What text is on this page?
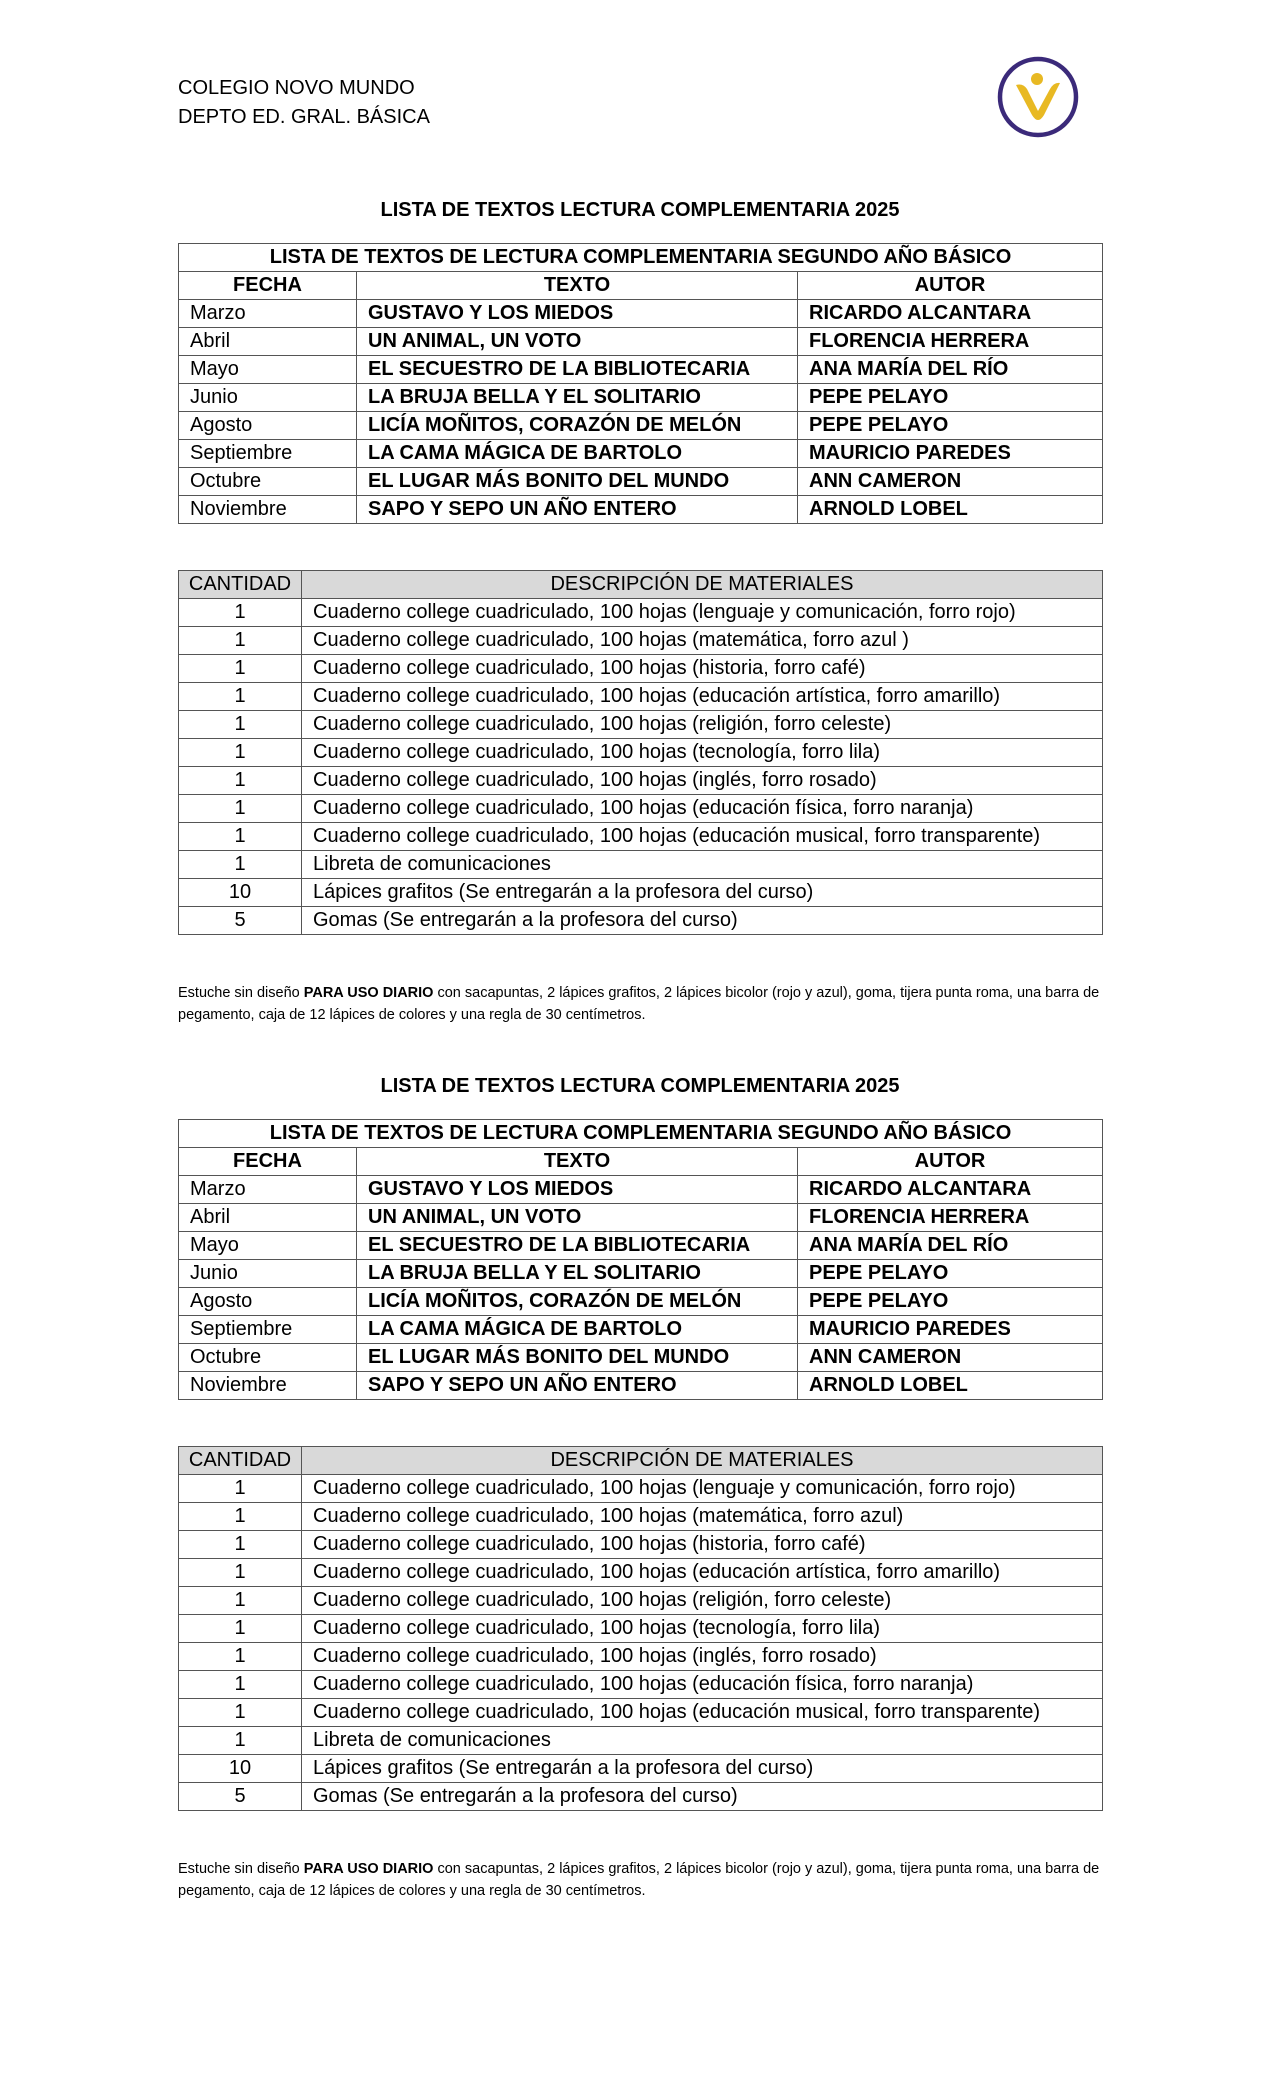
COLEGIO NOVO MUNDO
DEPTO ED. GRAL. BÁSICA
LISTA DE TEXTOS LECTURA COMPLEMENTARIA 2025
LISTA DE TEXTOS DE LECTURA COMPLEMENTARIA SEGUNDO AÑO BÁSICO		
FECHA	TEXTO	AUTOR
Marzo	GUSTAVO Y LOS MIEDOS	RICARDO ALCANTARA
Abril	UN ANIMAL, UN VOTO	FLORENCIA HERRERA
Mayo	EL SECUESTRO DE LA BIBLIOTECARIA	ANA MARÍA DEL RÍO
Junio	LA BRUJA BELLA Y EL SOLITARIO	PEPE PELAYO
Agosto	LICÍA MOÑITOS, CORAZÓN DE MELÓN	PEPE PELAYO
Septiembre	LA CAMA MÁGICA DE BARTOLO	MAURICIO PAREDES
Octubre	EL LUGAR MÁS BONITO DEL MUNDO	ANN CAMERON
Noviembre	SAPO Y SEPO UN AÑO ENTERO	ARNOLD LOBEL
CANTIDAD	DESCRIPCIÓN DE MATERIALES
1	Cuaderno college cuadriculado, 100 hojas (lenguaje y comunicación, forro rojo)
1	Cuaderno college cuadriculado, 100 hojas (matemática, forro azul )
1	Cuaderno college cuadriculado, 100 hojas (historia, forro café)
1	Cuaderno college cuadriculado, 100 hojas (educación artística, forro amarillo)
1	Cuaderno college cuadriculado, 100 hojas (religión, forro celeste)
1	Cuaderno college cuadriculado, 100 hojas (tecnología, forro lila)
1	Cuaderno college cuadriculado, 100 hojas (inglés, forro rosado)
1	Cuaderno college cuadriculado, 100 hojas (educación física, forro naranja)
1	Cuaderno college cuadriculado, 100 hojas (educación musical, forro transparente)
1	Libreta de comunicaciones
10	Lápices grafitos (Se entregarán a la profesora del curso)
5	Gomas (Se entregarán a la profesora del curso)

Estuche sin diseño PARA USO DIARIO con sacapuntas, 2 lápices grafitos, 2 lápices bicolor (rojo y azul), goma, tijera punta roma, una barra de pegamento, caja de 12 lápices de colores y una regla de 30 centímetros.

LISTA DE TEXTOS LECTURA COMPLEMENTARIA 2025
LISTA DE TEXTOS DE LECTURA COMPLEMENTARIA SEGUNDO AÑO BÁSICO		
FECHA	TEXTO	AUTOR
Marzo	GUSTAVO Y LOS MIEDOS	RICARDO ALCANTARA
Abril	UN ANIMAL, UN VOTO	FLORENCIA HERRERA
Mayo	EL SECUESTRO DE LA BIBLIOTECARIA	ANA MARÍA DEL RÍO
Junio	LA BRUJA BELLA Y EL SOLITARIO	PEPE PELAYO
Agosto	LICÍA MOÑITOS, CORAZÓN DE MELÓN	PEPE PELAYO
Septiembre	LA CAMA MÁGICA DE BARTOLO	MAURICIO PAREDES
Octubre	EL LUGAR MÁS BONITO DEL MUNDO	ANN CAMERON
Noviembre	SAPO Y SEPO UN AÑO ENTERO	ARNOLD LOBEL
CANTIDAD	DESCRIPCIÓN DE MATERIALES
1	Cuaderno college cuadriculado, 100 hojas (lenguaje y comunicación, forro rojo)
1	Cuaderno college cuadriculado, 100 hojas (matemática, forro azul)
1	Cuaderno college cuadriculado, 100 hojas (historia, forro café)
1	Cuaderno college cuadriculado, 100 hojas (educación artística, forro amarillo)
1	Cuaderno college cuadriculado, 100 hojas (religión, forro celeste)
1	Cuaderno college cuadriculado, 100 hojas (tecnología, forro lila)
1	Cuaderno college cuadriculado, 100 hojas (inglés, forro rosado)
1	Cuaderno college cuadriculado, 100 hojas (educación física, forro naranja)
1	Cuaderno college cuadriculado, 100 hojas (educación musical, forro transparente)
1	Libreta de comunicaciones
10	Lápices grafitos (Se entregarán a la profesora del curso)
5	Gomas (Se entregarán a la profesora del curso)

Estuche sin diseño PARA USO DIARIO con sacapuntas, 2 lápices grafitos, 2 lápices bicolor (rojo y azul), goma, tijera punta roma, una barra de pegamento, caja de 12 lápices de colores y una regla de 30 centímetros.
